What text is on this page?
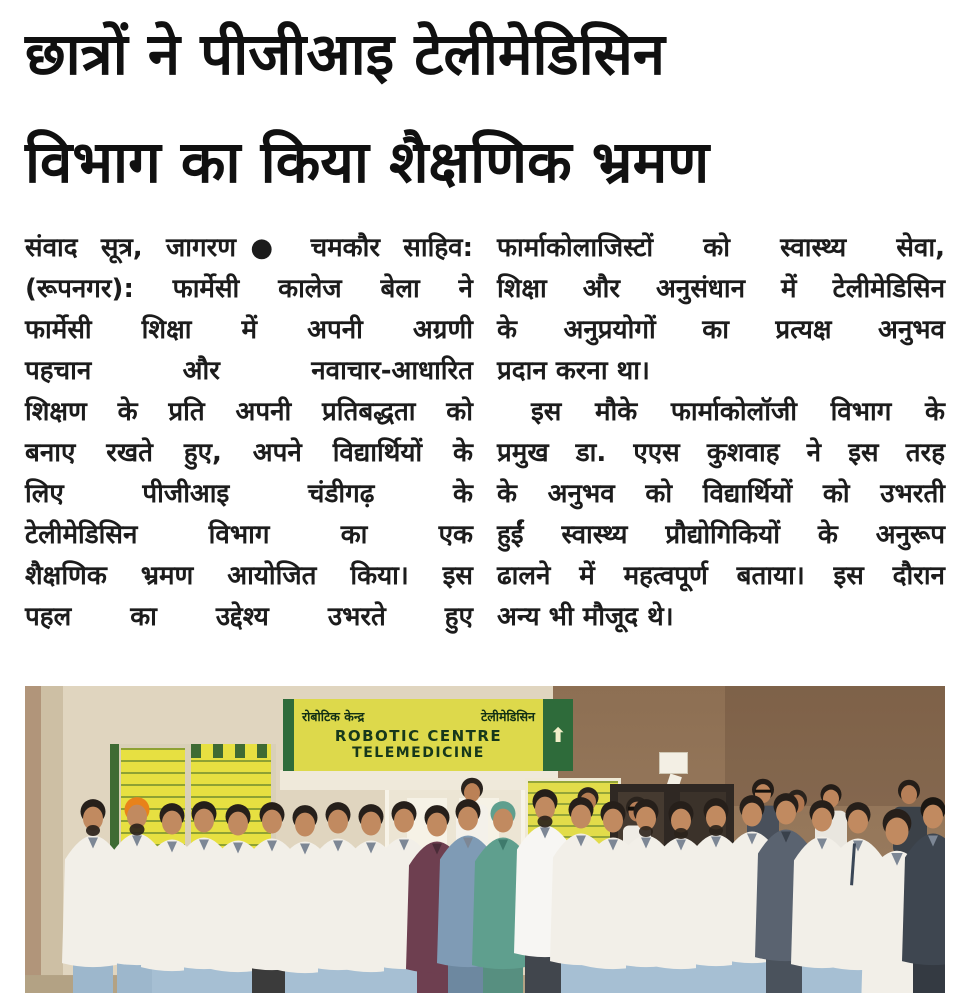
छात्रों ने पीजीआइ टेलीमेडिसिन
विभाग का किया शैक्षणिक भ्रमण
संवाद सूत्र, जागरण● चमकौर साहिव:
(रूपनगर): फार्मेसी कालेज बेला ने
फार्मेसी शिक्षा में अपनी अग्रणी
पहचान और नवाचार-आधारित
शिक्षण के प्रति अपनी प्रतिबद्धता को
बनाए रखते हुए, अपने विद्यार्थियों के
लिए पीजीआइ चंडीगढ़ के
टेलीमेडिसिन विभाग का एक
शैक्षणिक भ्रमण आयोजित किया। इस
पहल का उद्देश्य उभरते हुए
फार्माकोलाजिस्टों को स्वास्थ्य सेवा,
शिक्षा और अनुसंधान में टेलीमेडिसिन
के अनुप्रयोगों का प्रत्यक्ष अनुभव
प्रदान करना था।
इस मौके फार्माकोलॉजी विभाग के
प्रमुख डा. एएस कुशवाह ने इस तरह
के अनुभव को विद्यार्थियों को उभरती
हुईं स्वास्थ्य प्रौद्योगिकियों के अनुरूप
ढालने में महत्वपूर्ण बताया। इस दौरान
अन्य भी मौजूद थे।
रोबोटिक केन्द्र	टेलीमेडिसिन
ROBOTIC CENTRE
TELEMEDICINE
⬆
